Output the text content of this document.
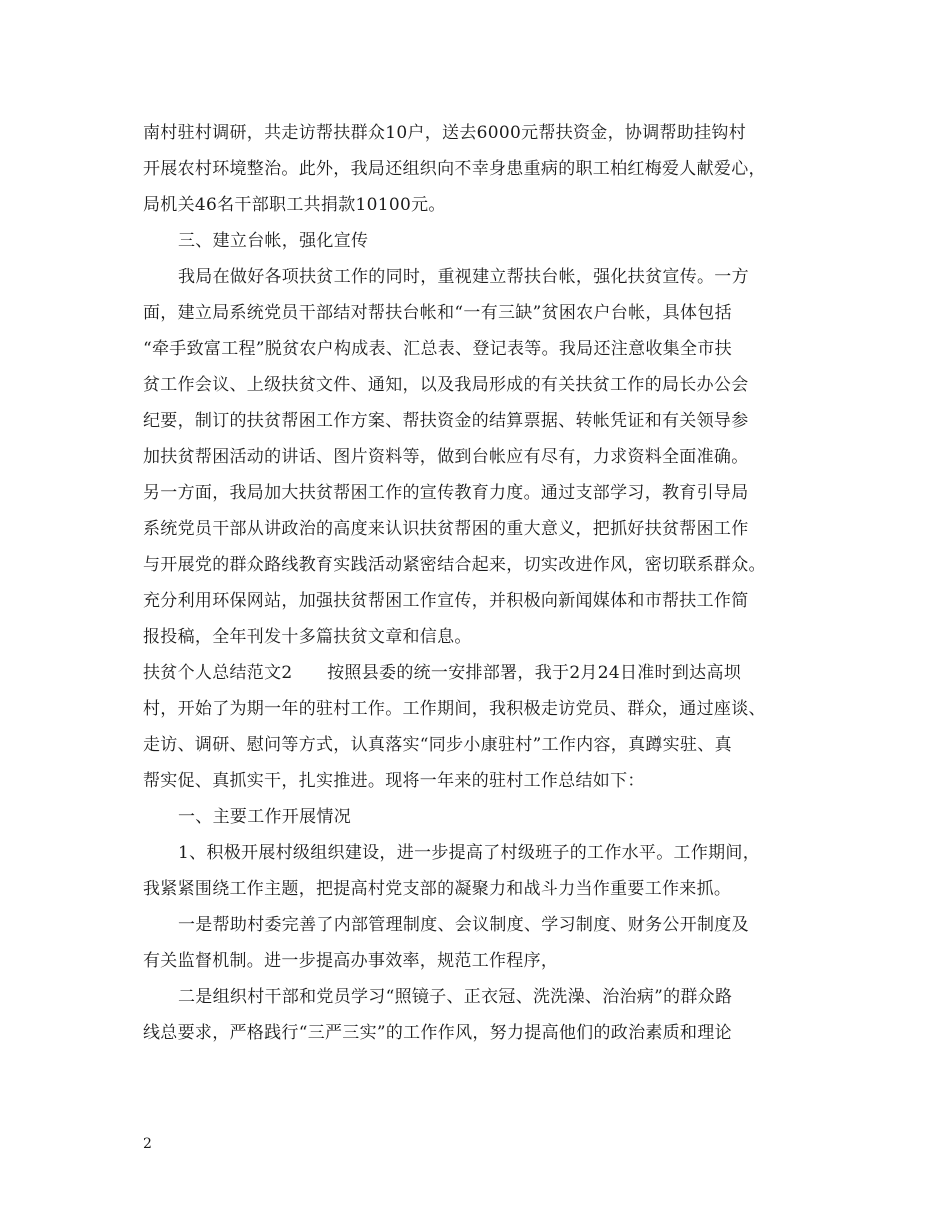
南村驻村调研，共走访帮扶群众10户，送去6000元帮扶资金，协调帮助挂钩村
开展农村环境整治。此外，我局还组织向不幸身患重病的职工柏红梅爱人献爱心，
局机关46名干部职工共捐款10100元。
三、建立台帐，强化宣传
我局在做好各项扶贫工作的同时，重视建立帮扶台帐，强化扶贫宣传。一方
面，建立局系统党员干部结对帮扶台帐和“一有三缺”贫困农户台帐，具体包括
“牵手致富工程”脱贫农户构成表、汇总表、登记表等。我局还注意收集全市扶
贫工作会议、上级扶贫文件、通知，以及我局形成的有关扶贫工作的局长办公会
纪要，制订的扶贫帮困工作方案、帮扶资金的结算票据、转帐凭证和有关领导参
加扶贫帮困活动的讲话、图片资料等，做到台帐应有尽有，力求资料全面准确。
另一方面，我局加大扶贫帮困工作的宣传教育力度。通过支部学习，教育引导局
系统党员干部从讲政治的高度来认识扶贫帮困的重大意义，把抓好扶贫帮困工作
与开展党的群众路线教育实践活动紧密结合起来，切实改进作风，密切联系群众。
充分利用环保网站，加强扶贫帮困工作宣传，并积极向新闻媒体和市帮扶工作简
报投稿，全年刊发十多篇扶贫文章和信息。
扶贫个人总结范文2　　按照县委的统一安排部署，我于2月24日准时到达高坝
村，开始了为期一年的驻村工作。工作期间，我积极走访党员、群众，通过座谈、
走访、调研、慰问等方式，认真落实“同步小康驻村”工作内容，真蹲实驻、真
帮实促、真抓实干，扎实推进。现将一年来的驻村工作总结如下：
一、主要工作开展情况
1、积极开展村级组织建设，进一步提高了村级班子的工作水平。工作期间，
我紧紧围绕工作主题，把提高村党支部的凝聚力和战斗力当作重要工作来抓。
一是帮助村委完善了内部管理制度、会议制度、学习制度、财务公开制度及
有关监督机制。进一步提高办事效率，规范工作程序，
二是组织村干部和党员学习“照镜子、正衣冠、洗洗澡、治治病”的群众路
线总要求，严格践行“三严三实”的工作作风，努力提高他们的政治素质和理论
2
